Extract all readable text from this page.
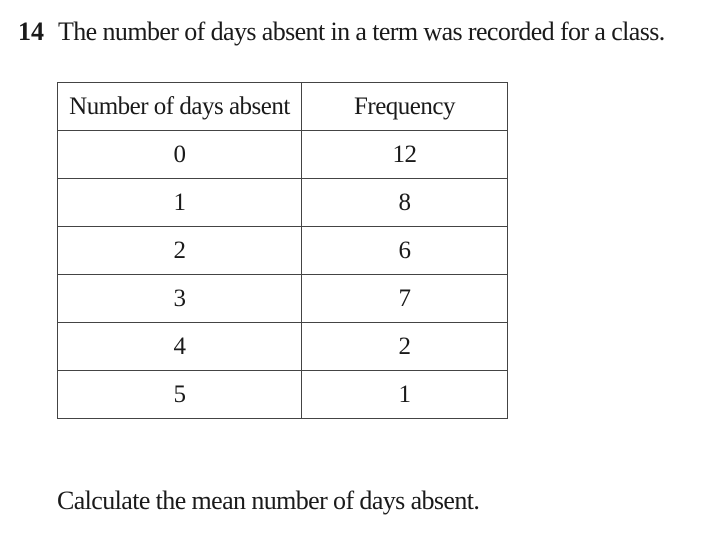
14 The number of days absent in a term was recorded for a class.
Number of days absent	Frequency
0	12
1	8
2	6
3	7
4	2
5	1
Calculate the mean number of days absent.
